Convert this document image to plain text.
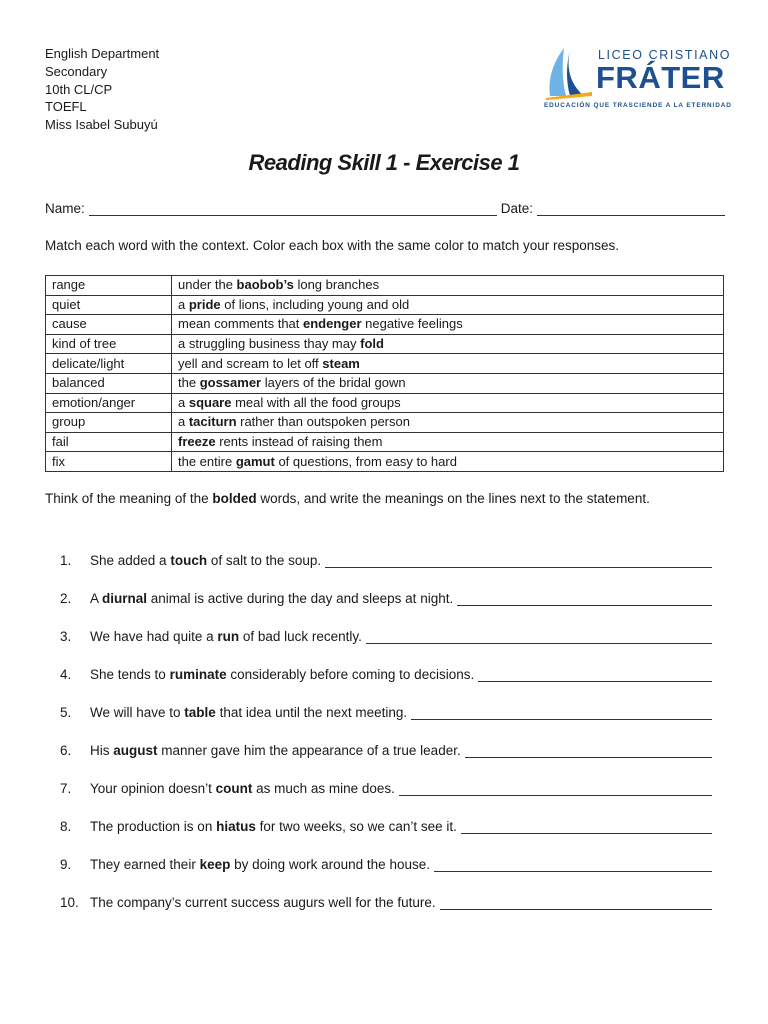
English Department
Secondary
10th CL/CP
TOEFL
Miss Isabel Subuyú
LICEO CRISTIANO
FRÁTER
EDUCACIÓN QUE TRASCIENDE A LA ETERNIDAD
Reading Skill 1 - Exercise 1
Name:	Date:
Match each word with the context. Color each box with the same color to match your responses.
range	under the baobob’s long branches
quiet	a pride of lions, including young and old
cause	mean comments that endenger negative feelings
kind of tree	a struggling business thay may fold
delicate/light	yell and scream to let off steam
balanced	the gossamer layers of the bridal gown
emotion/anger	a square meal with all the food groups
group	a taciturn rather than outspoken person
fail	freeze rents instead of raising them
fix	the entire gamut of questions, from easy to hard
Think of the meaning of the bolded words, and write the meanings on the lines next to the statement.
1.	She added a touch of salt to the soup.
2.	A diurnal animal is active during the day and sleeps at night.
3.	We have had quite a run of bad luck recently.
4.	She tends to ruminate considerably before coming to decisions.
5.	We will have to table that idea until the next meeting.
6.	His august manner gave him the appearance of a true leader.
7.	Your opinion doesn’t count as much as mine does.
8.	The production is on hiatus for two weeks, so we can’t see it.
9.	They earned their keep by doing work around the house.
10. The company’s current success augurs well for the future.
